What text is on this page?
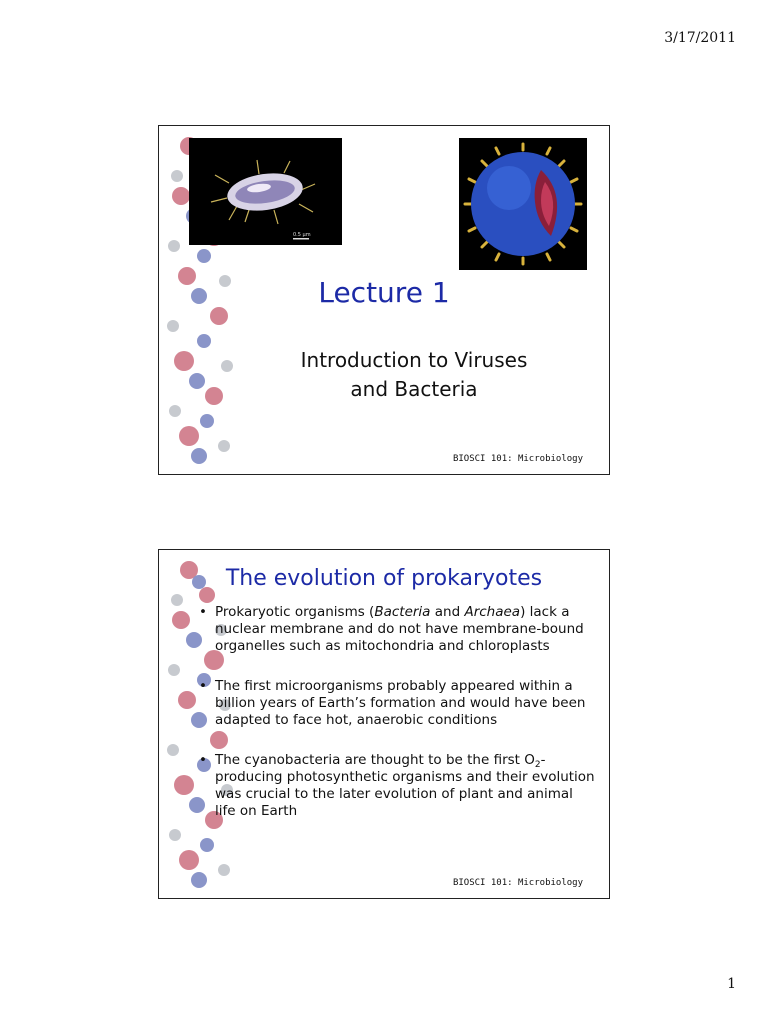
3/17/2011
0.5 μm
Lecture 1
Introduction to Viruses
and Bacteria
BIOSCI 101: Microbiology
The evolution of prokaryotes
• Prokaryotic organisms (Bacteria and Archaea) lack a nuclear membrane and do not have membrane-bound organelles such as mitochondria and chloroplasts
• The first microorganisms probably appeared within a billion years of Earth’s formation and would have been adapted to face hot, anaerobic conditions
• The cyanobacteria are thought to be the first $O_2$-producing photosynthetic organisms and their evolution was crucial to the later evolution of plant and animal life on Earth
BIOSCI 101: Microbiology
1
